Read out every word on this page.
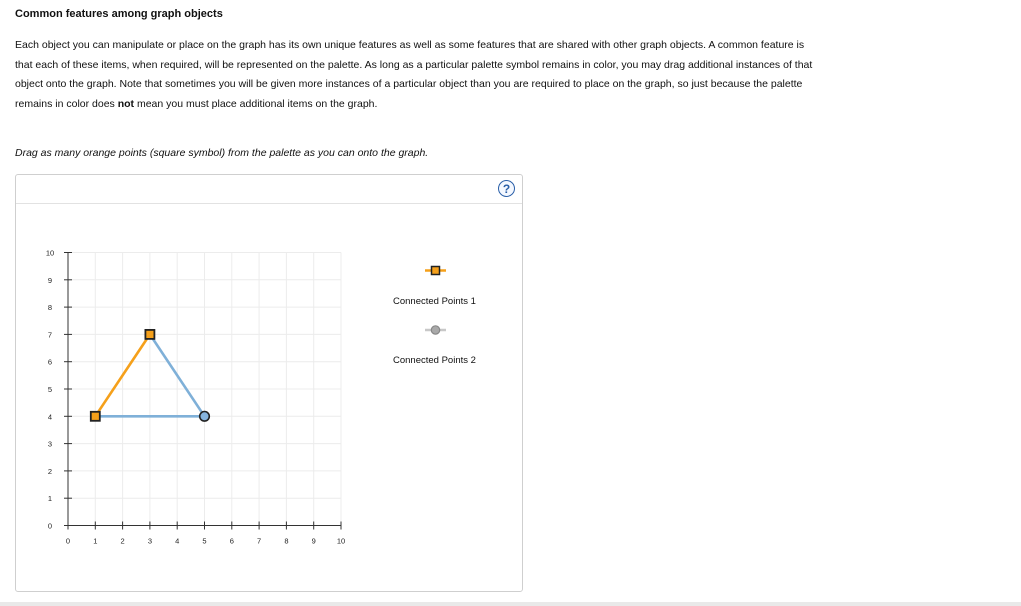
Common features among graph objects
Each object you can manipulate or place on the graph has its own unique features as well as some features that are shared with other graph objects. A common feature is that each of these items, when required, will be represented on the palette. As long as a particular palette symbol remains in color, you may drag additional instances of that object onto the graph. Note that sometimes you will be given more instances of a particular object than you are required to place on the graph, so just because the palette remains in color does not mean you must place additional items on the graph.
Drag as many orange points (square symbol) from the palette as you can onto the graph.
?
0	1	2	3	4	5	6	7	8	9	10
0
1
2
3
4
5
6
7
8
9
10
Connected Points 1
Connected Points 2
